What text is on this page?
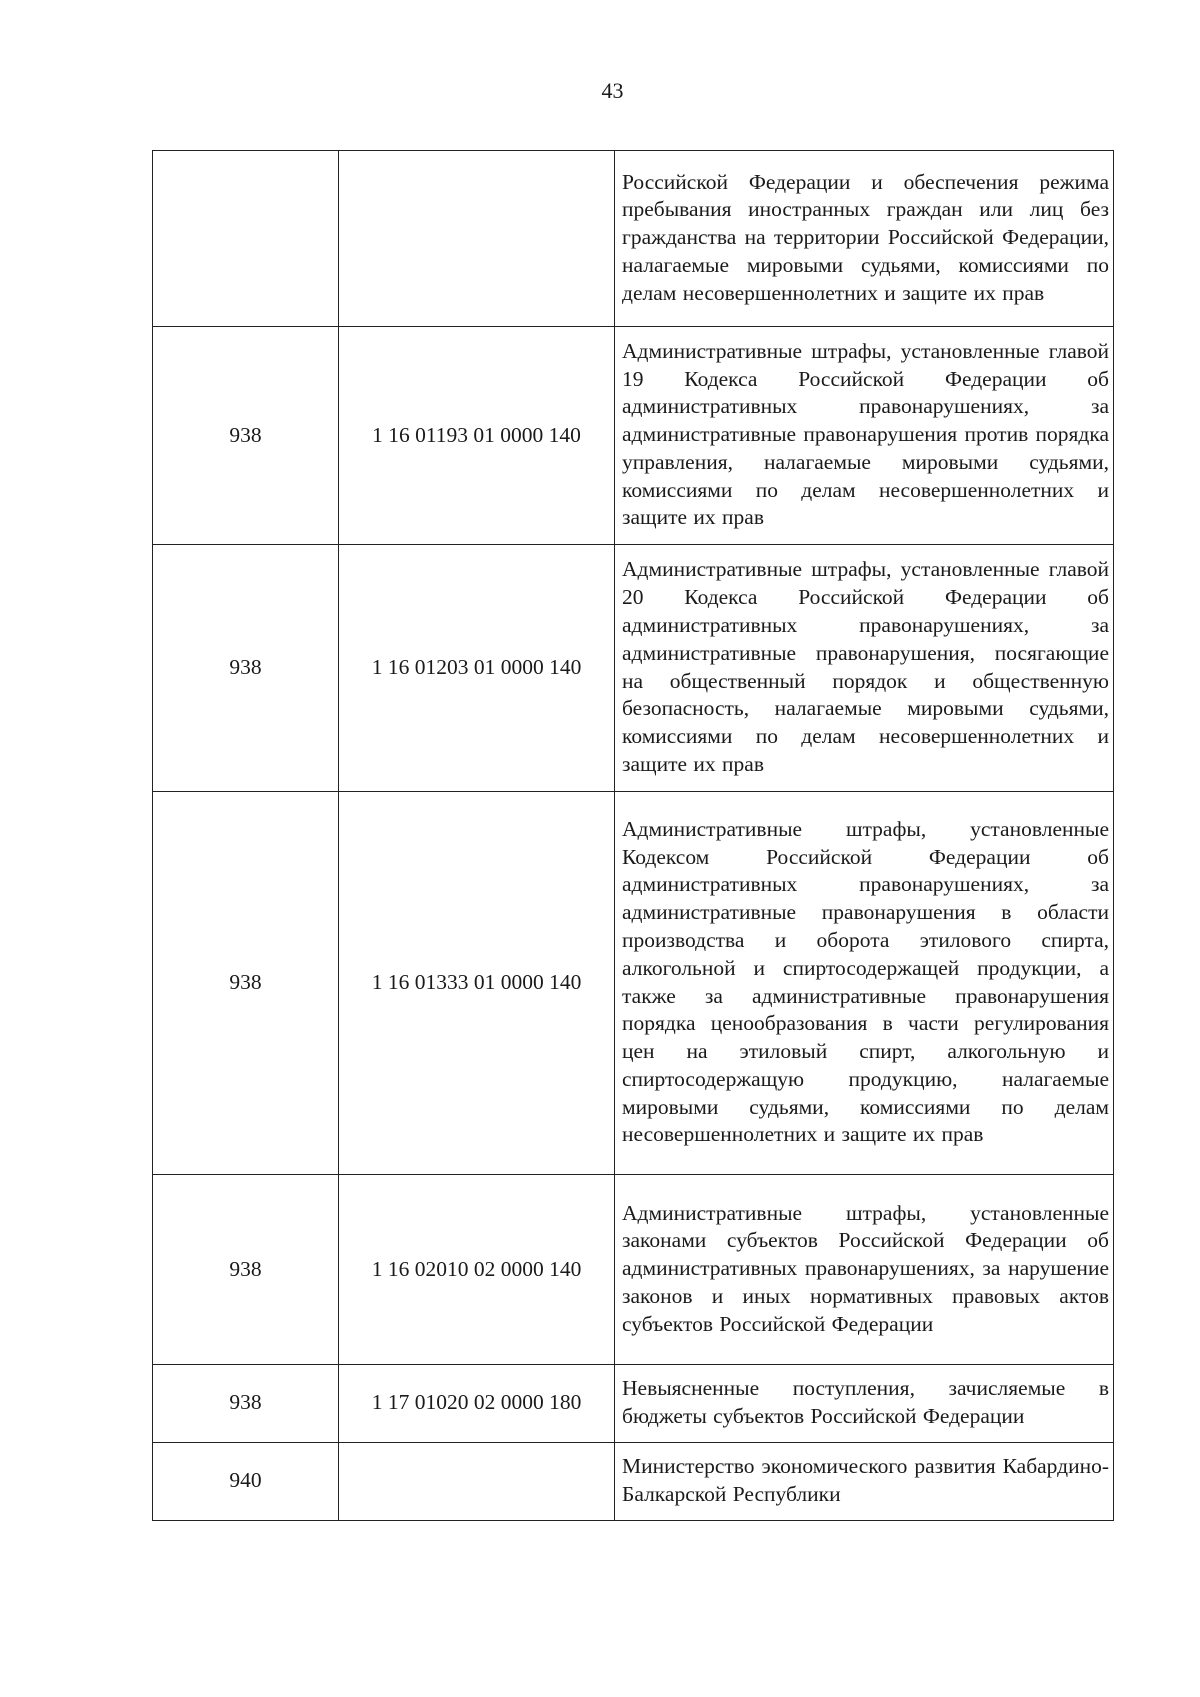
43
		Российской Федерации и обеспечения режима пребывания иностранных граждан или лиц без гражданства на территории Российской Федерации, налагаемые мировыми судьями, комиссиями по делам несовершеннолетних и защите их прав
938	1 16 01193 01 0000 140	Административные штрафы, установленные главой 19 Кодекса Российской Федерации об административных правонарушениях, за административные правонарушения против порядка управления, налагаемые мировыми судьями, комиссиями по делам несовершеннолетних и защите их прав
938	1 16 01203 01 0000 140	Административные штрафы, установленные главой 20 Кодекса Российской Федерации об административных правонарушениях, за административные правонарушения, посягающие на общественный порядок и общественную безопасность, налагаемые мировыми судьями, комиссиями по делам несовершеннолетних и защите их прав
938	1 16 01333 01 0000 140	Административные штрафы, установленные Кодексом Российской Федерации об административных правонарушениях, за административные правонарушения в области производства и оборота этилового спирта, алкогольной и спиртосодержащей продукции, а также за административные правонарушения порядка ценообразования в части регулирования цен на этиловый спирт, алкогольную и спиртосодержащую продукцию, налагаемые мировыми судьями, комиссиями по делам несовершеннолетних и защите их прав
938	1 16 02010 02 0000 140	Административные штрафы, установленные законами субъектов Российской Федерации об административных правонарушениях, за нарушение законов и иных нормативных правовых актов субъектов Российской Федерации
938	1 17 01020 02 0000 180	Невыясненные поступления, зачисляемые в бюджеты субъектов Российской Федерации
940		Министерство экономического развития Кабардино-Балкарской Республики
